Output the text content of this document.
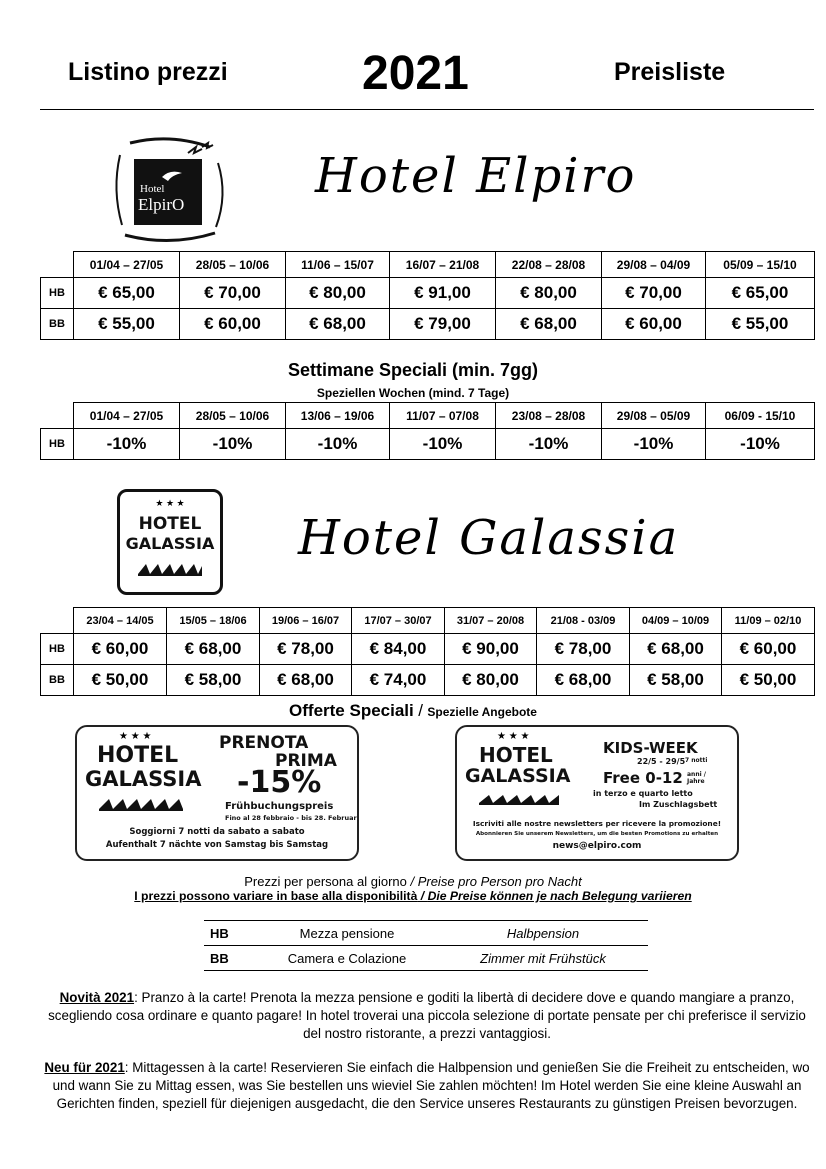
Listino prezzi	2021	Preisliste
Hotel
ElpirO
Hotel Elpiro
	01/04 – 27/05	28/05 – 10/06	11/06 – 15/07	16/07 – 21/08	22/08 – 28/08	29/08 – 04/09	05/09 – 15/10
HB	€ 65,00	€ 70,00	€ 80,00	€ 91,00	€ 80,00	€ 70,00	€ 65,00
BB	€ 55,00	€ 60,00	€ 68,00	€ 79,00	€ 68,00	€ 60,00	€ 55,00
Settimane Speciali (min. 7gg)
Speziellen Wochen (mind. 7 Tage)
	01/04 – 27/05	28/05 – 10/06	13/06 – 19/06	11/07 – 07/08	23/08 – 28/08	29/08 – 05/09	06/09 - 15/10
HB	-10%	-10%	-10%	-10%	-10%	-10%	-10%
★ ★ ★
HOTEL
GALASSIA Hotel Galassia
	23/04 – 14/05	15/05 – 18/06	19/06 – 16/07	17/07 – 30/07	31/07 – 20/08	21/08 - 03/09	04/09 – 10/09	11/09 – 02/10
HB	€ 60,00	€ 68,00	€ 78,00	€ 84,00	€ 90,00	€ 78,00	€ 68,00	€ 60,00
BB	€ 50,00	€ 58,00	€ 68,00	€ 74,00	€ 80,00	€ 68,00	€ 58,00	€ 50,00
Offerte Speciali / Spezielle Angebote
★ ★ ★
HOTEL
GALASSIA
PRENOTA
PRIMA
-15%
Frühbuchungspreis
Fino al 28 febbraio - bis 28. Februar
Soggiorni 7 notti da sabato a sabato
Aufenthalt 7 nächte von Samstag bis Samstag
★ ★ ★
HOTEL
GALASSIA
KIDS-WEEK
22/5 - 29/5 7 notti
Free 0-12 anni / Jahre
in terzo e quarto letto
Im Zuschlagsbett
Iscriviti alle nostre newsletters per ricevere la promozione!
Abonnieren Sie unserem Newsletters, um die besten Promotions zu erhalten
news@elpiro.com
Prezzi per persona al giorno / Preise pro Person pro Nacht
I prezzi possono variare in base alla disponibilità / Die Preise können je nach Belegung variieren
HB	Mezza pensione	Halbpension
BB	Camera e Colazione	Zimmer mit Frühstück
Novità 2021: Pranzo à la carte! Prenota la mezza pensione e goditi la libertà di decidere dove e quando mangiare a pranzo, scegliendo cosa ordinare e quanto pagare! In hotel troverai una piccola selezione di portate pensate per chi preferisce il servizio del nostro ristorante, a prezzi vantaggiosi.
Neu für 2021: Mittagessen à la carte! Reservieren Sie einfach die Halbpension und genießen Sie die Freiheit zu entscheiden, wo und wann Sie zu Mittag essen, was Sie bestellen uns wieviel Sie zahlen möchten! Im Hotel werden Sie eine kleine Auswahl an Gerichten finden, speziell für diejenigen ausgedacht, die den Service unseres Restaurants zu günstigen Preisen bevorzugen.
